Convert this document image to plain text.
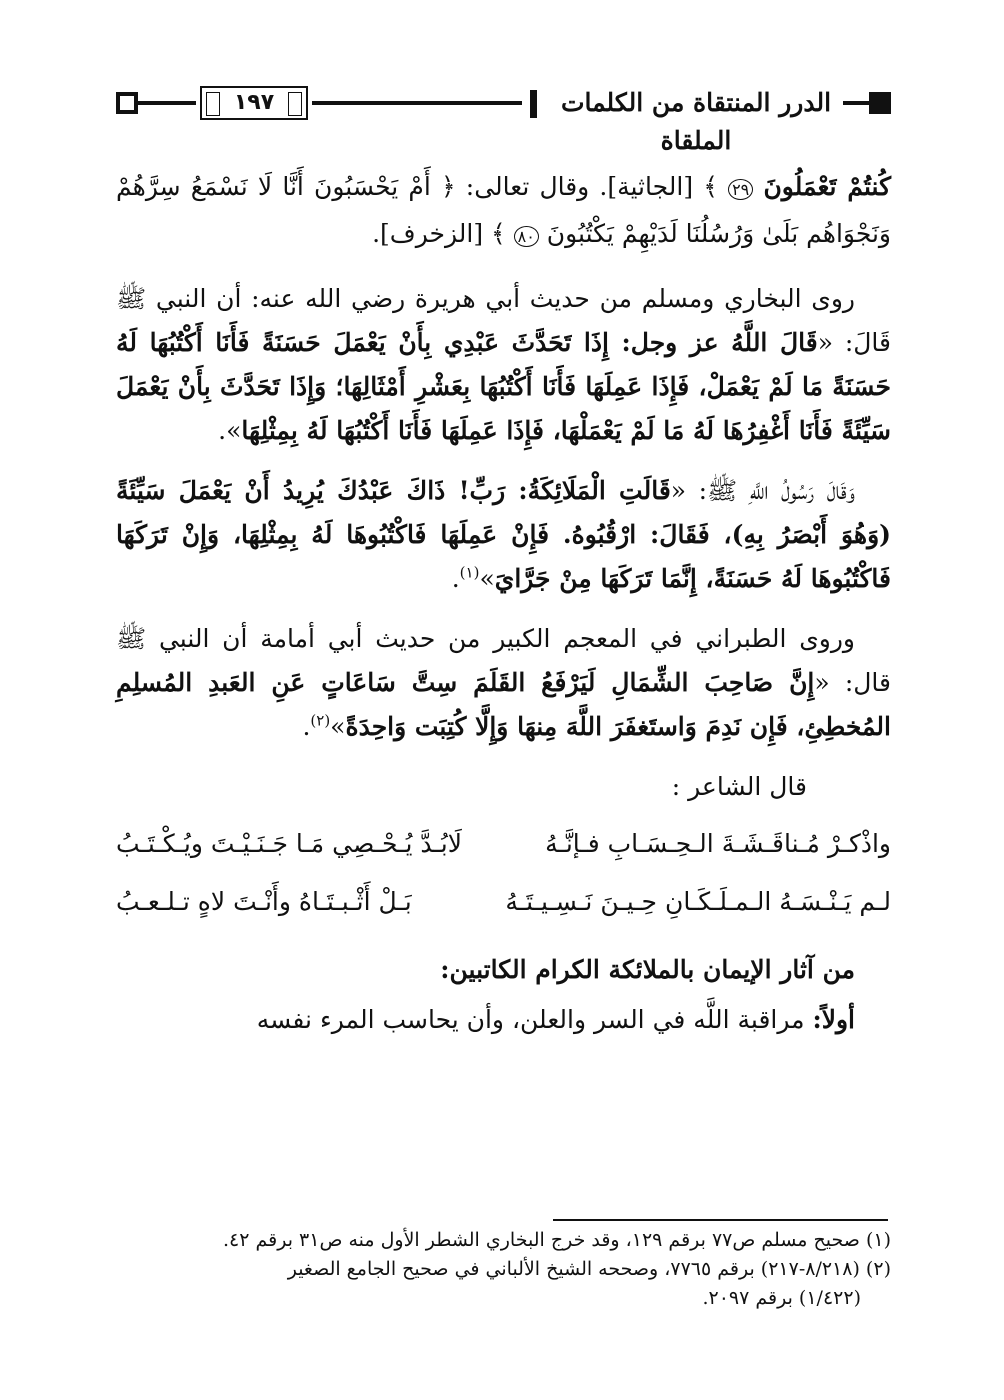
١٩٧	الدرر المنتقاة من الكلمات الملقاة

كُنتُمْ تَعْمَلُونَ ٢٩ ﴾ [الجاثية]. وقال تعالى: ﴿ أَمْ يَحْسَبُونَ أَنَّا لَا نَسْمَعُ سِرَّهُمْ وَنَجْوَاهُم بَلَىٰ وَرُسُلُنَا لَدَيْهِمْ يَكْتُبُونَ ٨٠ ﴾ [الزخرف].

روى البخاري ومسلم من حديث أبي هريرة رضي الله عنه: أن النبي ﷺ قَالَ: «قَالَ اللَّهُ عز وجل: إِذَا تَحَدَّثَ عَبْدِي بِأَنْ يَعْمَلَ حَسَنَةً فَأَنَا أَكْتُبُهَا لَهُ حَسَنَةً مَا لَمْ يَعْمَلْ، فَإِذَا عَمِلَهَا فَأَنَا أَكْتُبُهَا بِعَشْرِ أَمْثَالِهَا؛ وَإِذَا تَحَدَّثَ بِأَنْ يَعْمَلَ سَيِّئَةً فَأَنَا أَغْفِرُهَا لَهُ مَا لَمْ يَعْمَلْهَا، فَإِذَا عَمِلَهَا فَأَنَا أَكْتُبُهَا لَهُ بِمِثْلِهَا».

وَقَالَ رَسُولُ اللَّهِ ﷺ: «قَالَتِ الْمَلَائِكَةُ: رَبِّ! ذَاكَ عَبْدُكَ يُرِيدُ أَنْ يَعْمَلَ سَيِّئَةً (وَهُوَ أَبْصَرُ بِهِ)، فَقَالَ: ارْقُبُوهُ. فَإِنْ عَمِلَهَا فَاكْتُبُوهَا لَهُ بِمِثْلِهَا، وَإِنْ تَرَكَهَا فَاكْتُبُوهَا لَهُ حَسَنَةً، إِنَّمَا تَرَكَهَا مِنْ جَرَّايَ»$^{(١)}$.

وروى الطبراني في المعجم الكبير من حديث أبي أمامة أن النبي ﷺ قال: «إِنَّ صَاحِبَ الشِّمَالِ لَيَرْفَعُ القَلَمَ سِتَّ سَاعَاتٍ عَنِ العَبدِ المُسلِمِ المُخطِئِ، فَإِن نَدِمَ وَاستَغفَرَ اللَّهَ مِنهَا وَإِلَّا كُتِبَت وَاحِدَةً»$^{(٢)}$.

قال الشاعر :

واذْكـرْ مُـناقَـشَـةَ الـحِـسَـابِ فـإنَّـهُ
لَابُـدَّ يُـحْـصِي مَـا جَـنَـيْـتَ ويُـكْـتَـبُ
لـم يَـنْـسَـهُ الـمـلَـكَـانِ حِـيـنَ نَـسِـيـتَـهُ
بَـلْ أَثْـبـتَـاهُ وأَنْـتَ لاهٍ تـلـعـبُ
من آثار الإيمان بالملائكة الكرام الكاتبين:
أولاً: مراقبة اللَّه في السر والعلن، وأن يحاسب المرء نفسه

(١) صحيح مسلم ص٧٧ برقم ١٢٩، وقد خرج البخاري الشطر الأول منه ص٣١ برقم ٤٢.

(٢) (٨/٢١٨-٢١٧) برقم ٧٧٦٥، وصححه الشيخ الألباني في صحيح الجامع الصغير

(١/٤٢٢) برقم ٢٠٩٧.
